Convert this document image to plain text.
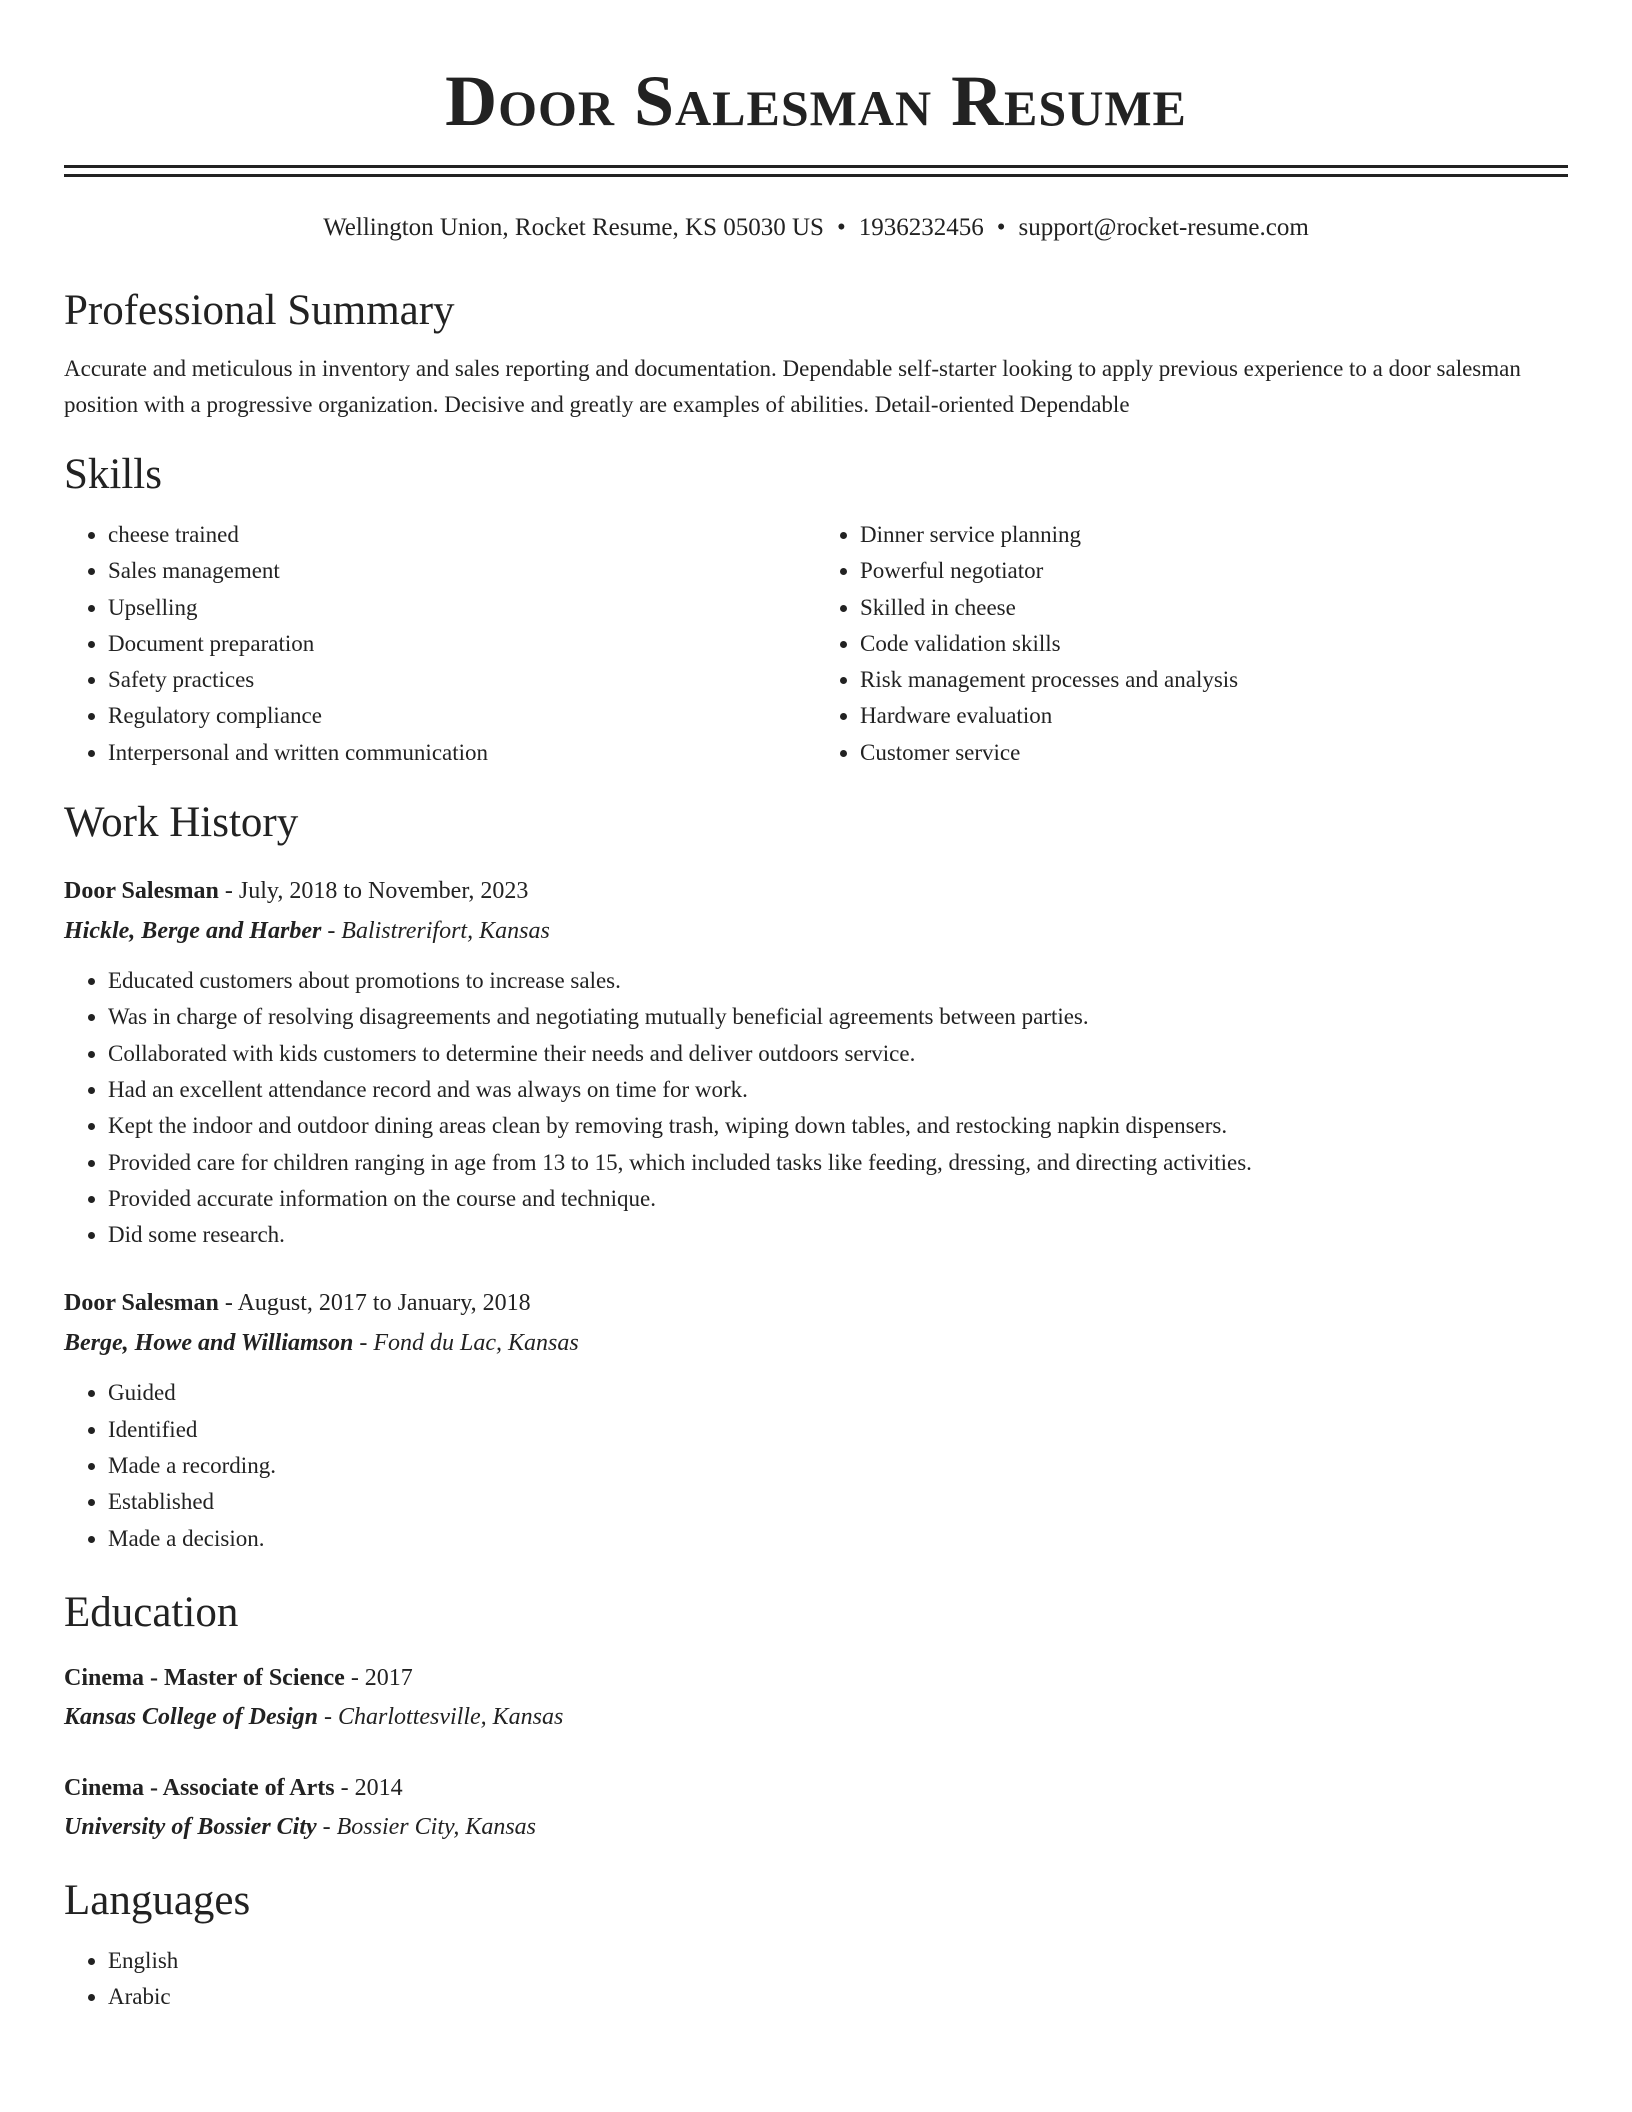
Door Salesman Resume
Wellington Union, Rocket Resume, KS 05030 US • 1936232456 • support@rocket-resume.com
Professional Summary

Accurate and meticulous in inventory and sales reporting and documentation. Dependable self-starter looking to apply previous experience to a door salesman position with a progressive organization. Decisive and greatly are examples of abilities. Detail-oriented Dependable

Skills
• cheese trained
• Sales management
• Upselling
• Document preparation
• Safety practices
• Regulatory compliance
• Interpersonal and written communication
• Dinner service planning
• Powerful negotiator
• Skilled in cheese
• Code validation skills
• Risk management processes and analysis
• Hardware evaluation
• Customer service
Work History
Door Salesman - July, 2018 to November, 2023
Hickle, Berge and Harber - Balistrerifort, Kansas
• Educated customers about promotions to increase sales.
• Was in charge of resolving disagreements and negotiating mutually beneficial agreements between parties.
• Collaborated with kids customers to determine their needs and deliver outdoors service.
• Had an excellent attendance record and was always on time for work.
• Kept the indoor and outdoor dining areas clean by removing trash, wiping down tables, and restocking napkin dispensers.
• Provided care for children ranging in age from 13 to 15, which included tasks like feeding, dressing, and directing activities.
• Provided accurate information on the course and technique.
• Did some research.
Door Salesman - August, 2017 to January, 2018
Berge, Howe and Williamson - Fond du Lac, Kansas
• Guided
• Identified
• Made a recording.
• Established
• Made a decision.
Education
Cinema - Master of Science - 2017
Kansas College of Design - Charlottesville, Kansas
Cinema - Associate of Arts - 2014
University of Bossier City - Bossier City, Kansas
Languages
• English
• Arabic
